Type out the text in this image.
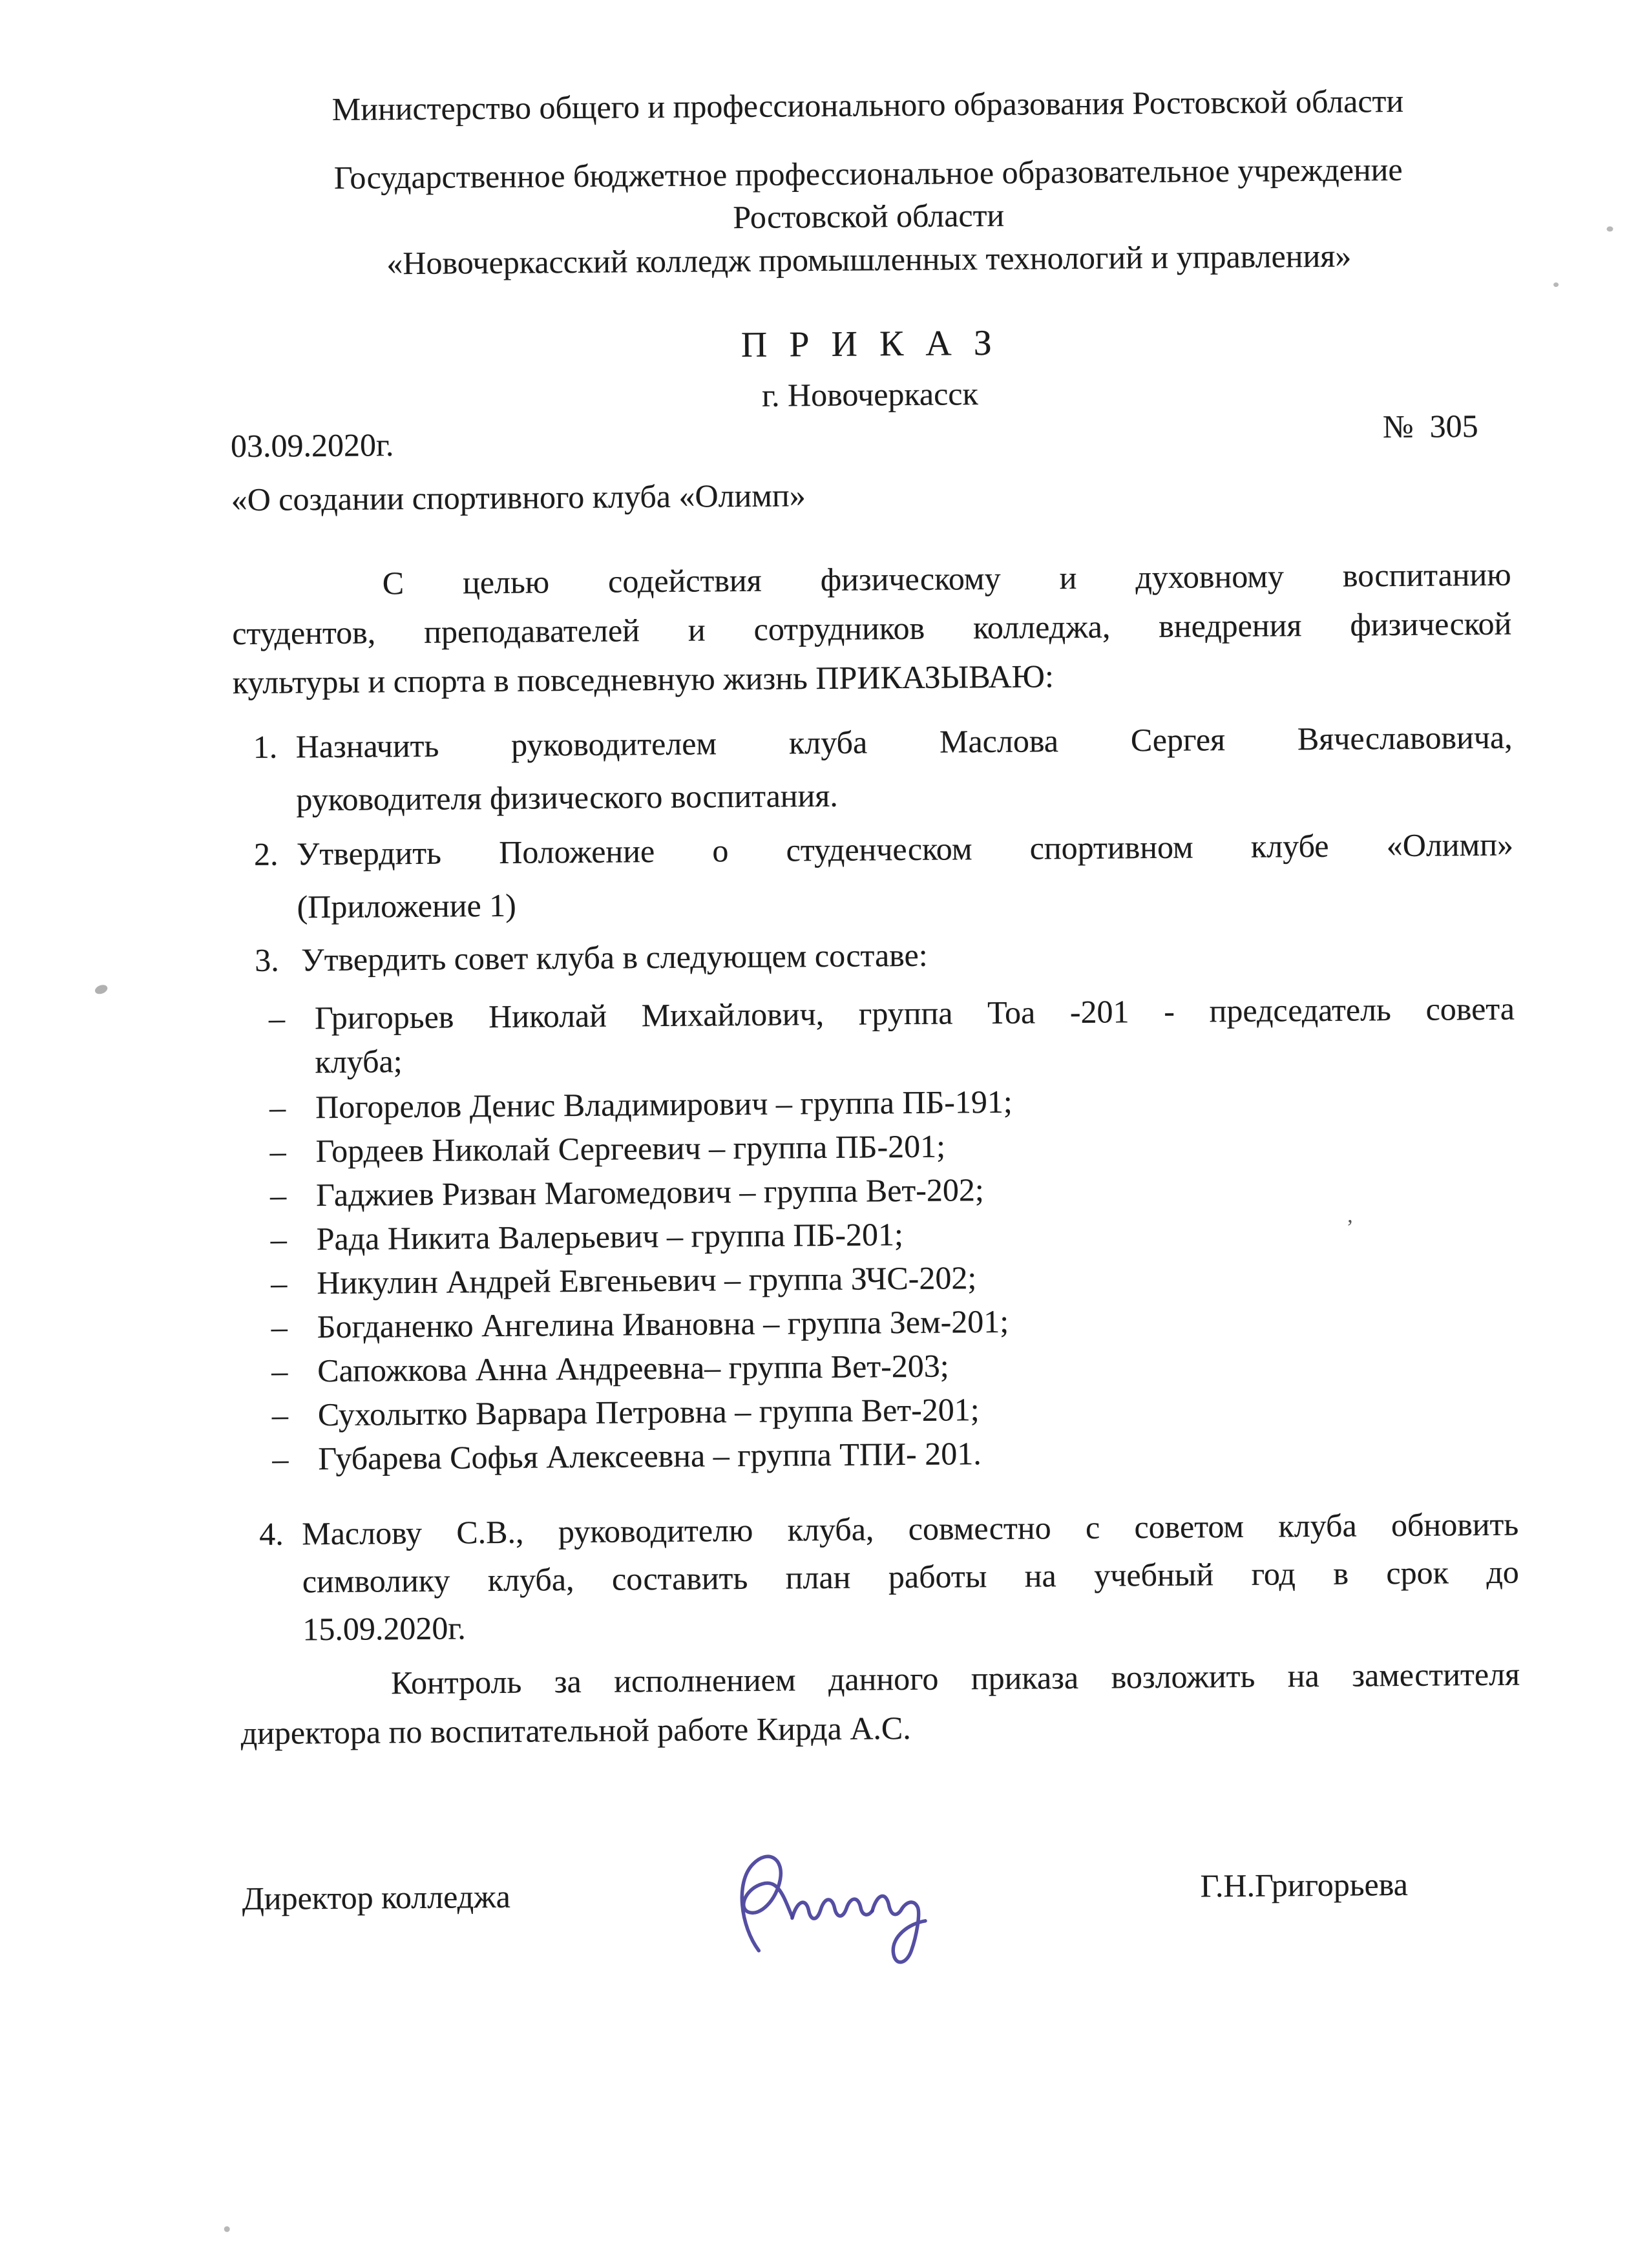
Министерство общего и профессионального образования Ростовской области
Государственное бюджетное профессиональное образовательное учреждение
Ростовской области
«Новочеркасский колледж промышленных технологий и управления»
П Р И К А З
г. Новочеркасск
03.09.2020г.
№  305
«О создании спортивного клуба «Олимп»
С целью содействия физическому и духовному воспитанию
студентов, преподавателей и сотрудников колледжа, внедрения физической
культуры и спорта в повседневную жизнь ПРИКАЗЫВАЮ:
1. Назначить руководителем клуба Маслова Сергея Вячеславовича,
руководителя физического воспитания.
2. Утвердить Положение о студенческом спортивном клубе «Олимп»
(Приложение 1)
3. Утвердить совет клуба в следующем составе:
– Григорьев Николай Михайлович, группа Тоа -201 - председатель совета
клуба;
– Погорелов Денис Владимирович – группа ПБ-191;
– Гордеев Николай Сергеевич – группа ПБ-201;
– Гаджиев Ризван Магомедович – группа Вет-202;
– Рада Никита Валерьевич – группа ПБ-201;
– Никулин Андрей Евгеньевич – группа ЗЧС-202;
– Богданенко Ангелина Ивановна – группа Зем-201;
– Сапожкова Анна Андреевна– группа Вет-203;
– Сухолытко Варвара Петровна – группа Вет-201;
– Губарева Софья Алексеевна – группа ТПИ- 201.
4. Маслову С.В., руководителю клуба, совместно с советом клуба обновить
символику клуба, составить план работы на учебный год в срок до
15.09.2020г.
Контроль за исполнением данного приказа возложить на заместителя
директора по воспитательной работе Кирда А.С.
Директор колледжа	Г.Н.Григорьева
’
